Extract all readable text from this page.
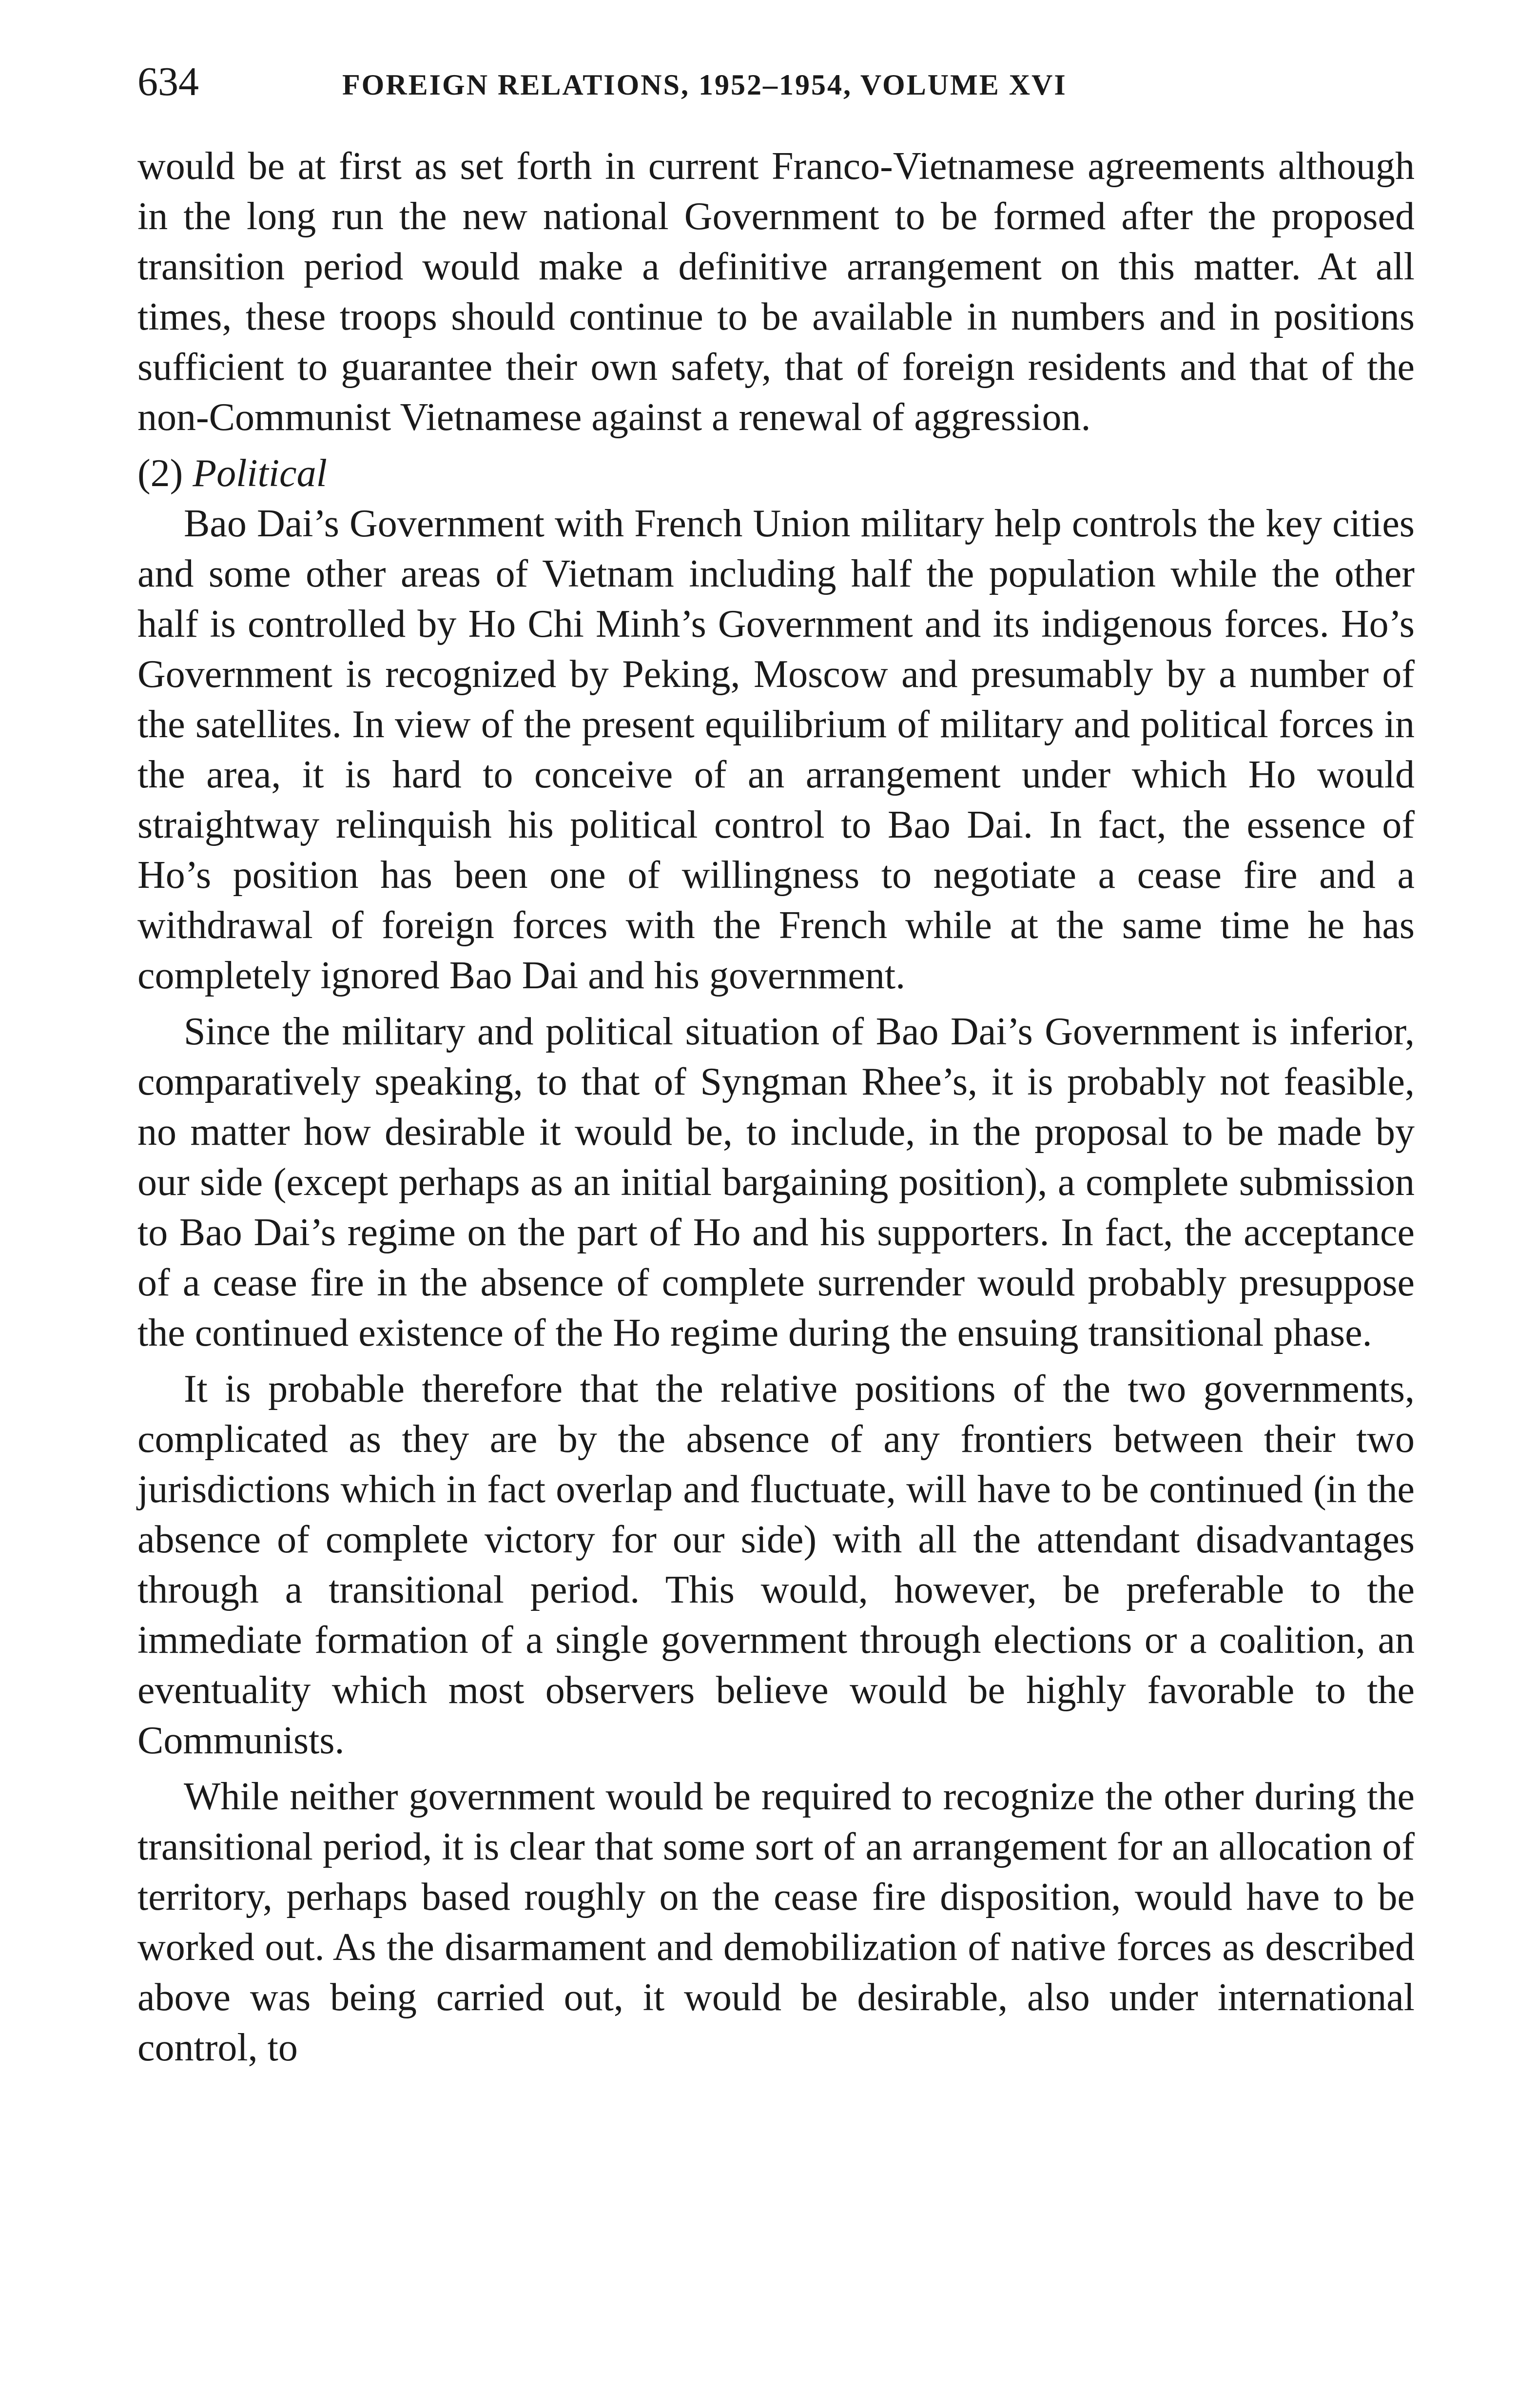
634	FOREIGN RELATIONS, 1952–1954, VOLUME XVI

would be at first as set forth in current Franco-Vietnamese agreements although in the long run the new national Government to be formed after the proposed transition period would make a definitive arrangement on this matter. At all times, these troops should continue to be available in numbers and in positions sufficient to guarantee their own safety, that of foreign residents and that of the non-Communist Vietnamese against a renewal of aggression.

(2) Political

Bao Dai’s Government with French Union military help controls the key cities and some other areas of Vietnam including half the population while the other half is controlled by Ho Chi Minh’s Government and its indigenous forces. Ho’s Government is recognized by Peking, Moscow and presumably by a number of the satellites. In view of the present equilibrium of military and political forces in the area, it is hard to conceive of an arrangement under which Ho would straightway relinquish his political control to Bao Dai. In fact, the essence of Ho’s position has been one of willingness to negotiate a cease fire and a withdrawal of foreign forces with the French while at the same time he has completely ignored Bao Dai and his government.

Since the military and political situation of Bao Dai’s Government is inferior, comparatively speaking, to that of Syngman Rhee’s, it is probably not feasible, no matter how desirable it would be, to include, in the proposal to be made by our side (except perhaps as an initial bargaining position), a complete submission to Bao Dai’s regime on the part of Ho and his supporters. In fact, the acceptance of a cease fire in the absence of complete surrender would probably presuppose the continued existence of the Ho regime during the ensuing transitional phase.

It is probable therefore that the relative positions of the two governments, complicated as they are by the absence of any frontiers between their two jurisdictions which in fact overlap and fluctuate, will have to be continued (in the absence of complete victory for our side) with all the attendant disadvantages through a transitional period. This would, however, be preferable to the immediate formation of a single government through elections or a coalition, an eventuality which most observers believe would be highly favorable to the Communists.

While neither government would be required to recognize the other during the transitional period, it is clear that some sort of an arrangement for an allocation of territory, perhaps based roughly on the cease fire disposition, would have to be worked out. As the disarmament and demobilization of native forces as described above was being carried out, it would be desirable, also under international control, to
